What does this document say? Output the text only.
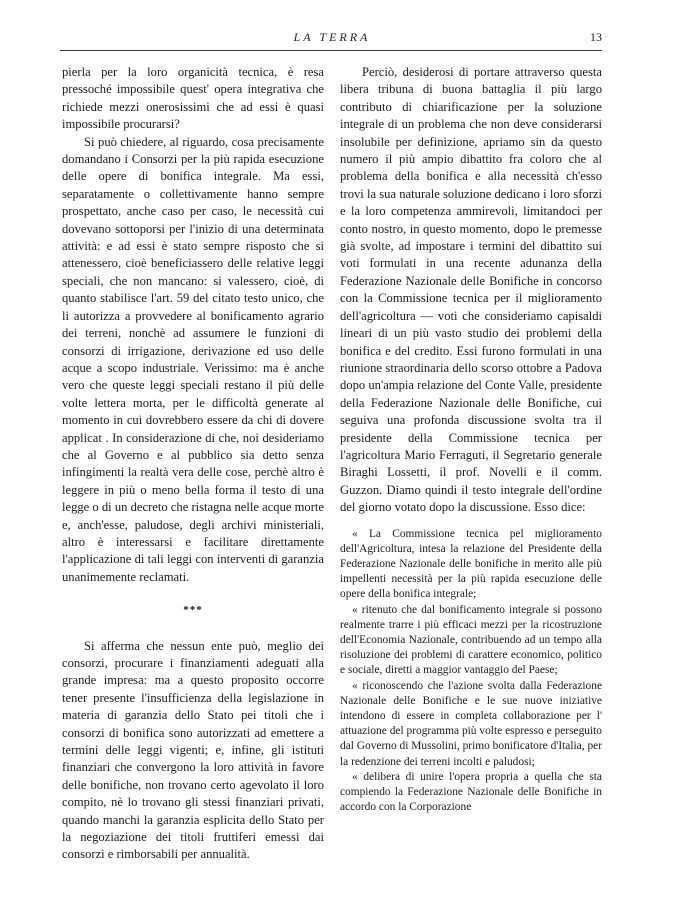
LA TERRA	13

pierla per la loro organicità tecnica, è resa pressoché impossibile quest' opera integrativa che richiede mezzi onerosissimi che ad essi è quasi impossibile procurarsi?

Si può chiedere, al riguardo, cosa precisamente domandano i Consorzi per la più rapida esecuzione delle opere di bonifica integrale. Ma essi, separatamente o collettivamente hanno sempre prospettato, anche caso per caso, le necessità cui dovevano sottoporsi per l'inizio di una determinata attività: e ad essi è stato sempre risposto che si attenessero, cioè beneficiassero delle relative leggi speciali, che non mancano: si valessero, cioè, di quanto stabilisce l'art. 59 del citato testo unico, che li autorizza a provvedere al bonificamento agrario dei terreni, nonchè ad assumere le funzioni di consorzi di irrigazione, derivazione ed uso delle acque a scopo industriale. Verissimo: ma è anche vero che queste leggi speciali restano il più delle volte lettera morta, per le difficoltà generate al momento in cui dovrebbero essere da chi di dovere applicat . In considerazione di che, noi desideriamo che al Governo e al pubblico sia detto senza infingimenti la realtà vera delle cose, perchè altro è leggere in più o meno bella forma il testo di una legge o di un decreto che ristagna nelle acque morte e, anch'esse, paludose, degli archivi ministeriali, altro è interessarsi e facilitare direttamente l'applicazione di tali leggi con interventi di garanzia unanimemente reclamati.

***

Si afferma che nessun ente può, meglio dei consorzi, procurare i finanziamenti adeguati alla grande impresa: ma a questo proposito occorre tener presente l'insufficienza della legislazione in materia di garanzia dello Stato pei titoli che i consorzi di bonifica sono autorizzati ad emettere a termini delle leggi vigenti; e, infine, gli istituti finanziari che convergono la loro attività in favore delle bonifiche, non trovano certo agevolato il loro compito, nè lo trovano gli stessi finanziari privati, quando manchi la garanzia esplicita dello Stato per la negoziazione dei titoli fruttiferi emessi dai consorzi e rimborsabili per annualità.

Perciò, desiderosi di portare attraverso questa libera tribuna di buona battaglia il più largo contributo di chiarificazione per la soluzione integrale di un problema che non deve considerarsi insolubile per definizione, apriamo sin da questo numero il più ampio dibattito fra coloro che al problema della bonifica e alla necessità ch'esso trovi la sua naturale soluzione dedicano i loro sforzi e la loro competenza ammirevoli, limitandoci per conto nostro, in questo momento, dopo le premesse già svolte, ad impostare i termini del dibattito sui voti formulati in una recente adunanza della Federazione Nazionale delle Bonifiche in concorso con la Commissione tecnica per il miglioramento dell'agricoltura — voti che consideriamo capisaldi lineari di un più vasto studio dei problemi della bonifica e del credito. Essi furono formulati in una riunione straordinaria dello scorso ottobre a Padova dopo un'ampia relazione del Conte Valle, presidente della Federazione Nazionale delle Bonifiche, cui seguiva una profonda discussione svolta tra il presidente della Commissione tecnica per l'agricoltura Mario Ferraguti, il Segretario generale Biraghi Lossetti, il prof. Novelli e il comm. Guzzon. Diamo quindi il testo integrale dell'ordine del giorno votato dopo la discussione. Esso dice:

« La Commissione tecnica pel miglioramento dell'Agricoltura, intesa la relazione del Presidente della Federazione Nazionale delle bonifiche in merito alle più impellenti necessità per la più rapida esecuzione delle opere della bonifica integrale;

« ritenuto che dal bonificamento integrale si possono realmente trarre i più efficaci mezzi per la ricostruzione dell'Economia Nazionale, contribuendo ad un tempo alla risoluzione dei problemi di carattere economico, politico e sociale, diretti a maggior vantaggio del Paese;

« riconoscendo che l'azione svolta dalla Federazione Nazionale delle Bonifiche e le sue nuove iniziative intendono di essere in completa collaborazione per l' attuazione del programma più volte espresso e perseguito dal Governo di Mussolini, primo bonificatore d'Italia, per la redenzione dei terreni incolti e paludosi;

« delibera di unire l'opera propria a quella che sta compiendo la Federazione Nazionale delle Bonifiche in accordo con la Corporazione
